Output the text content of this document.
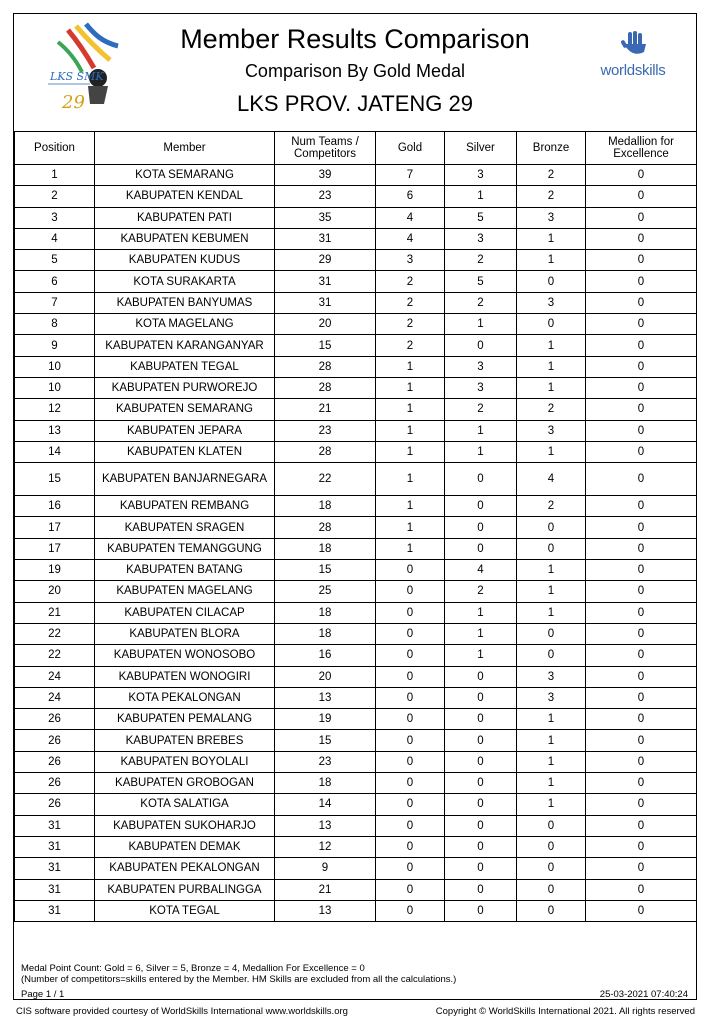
LKS SMK
29
Member Results Comparison
Comparison By Gold Medal
LKS PROV. JATENG 29
worldskills
Position	Member	Num Teams / Competitors	Gold	Silver	Bronze	Medallion for Excellence
1	KOTA SEMARANG	39	7	3	2	0
2	KABUPATEN KENDAL	23	6	1	2	0
3	KABUPATEN PATI	35	4	5	3	0
4	KABUPATEN KEBUMEN	31	4	3	1	0
5	KABUPATEN KUDUS	29	3	2	1	0
6	KOTA SURAKARTA	31	2	5	0	0
7	KABUPATEN BANYUMAS	31	2	2	3	0
8	KOTA MAGELANG	20	2	1	0	0
9	KABUPATEN KARANGANYAR	15	2	0	1	0
10	KABUPATEN TEGAL	28	1	3	1	0
10	KABUPATEN PURWOREJO	28	1	3	1	0
12	KABUPATEN SEMARANG	21	1	2	2	0
13	KABUPATEN JEPARA	23	1	1	3	0
14	KABUPATEN KLATEN	28	1	1	1	0
15	KABUPATEN BANJARNEGARA	22	1	0	4	0
16	KABUPATEN REMBANG	18	1	0	2	0
17	KABUPATEN SRAGEN	28	1	0	0	0
17	KABUPATEN TEMANGGUNG	18	1	0	0	0
19	KABUPATEN BATANG	15	0	4	1	0
20	KABUPATEN MAGELANG	25	0	2	1	0
21	KABUPATEN CILACAP	18	0	1	1	0
22	KABUPATEN BLORA	18	0	1	0	0
22	KABUPATEN WONOSOBO	16	0	1	0	0
24	KABUPATEN WONOGIRI	20	0	0	3	0
24	KOTA PEKALONGAN	13	0	0	3	0
26	KABUPATEN PEMALANG	19	0	0	1	0
26	KABUPATEN BREBES	15	0	0	1	0
26	KABUPATEN BOYOLALI	23	0	0	1	0
26	KABUPATEN GROBOGAN	18	0	0	1	0
26	KOTA SALATIGA	14	0	0	1	0
31	KABUPATEN SUKOHARJO	13	0	0	0	0
31	KABUPATEN DEMAK	12	0	0	0	0
31	KABUPATEN PEKALONGAN	9	0	0	0	0
31	KABUPATEN PURBALINGGA	21	0	0	0	0
31	KOTA TEGAL	13	0	0	0	0
Medal Point Count: Gold = 6, Silver = 5, Bronze = 4, Medallion For Excellence = 0
(Number of competitors=skills entered by the Member. HM Skills are excluded from all the calculations.)
Page 1 / 1	25-03-2021 07:40:24
CIS software provided courtesy of WorldSkills International www.worldskills.org	Copyright © WorldSkills International 2021. All rights reserved
